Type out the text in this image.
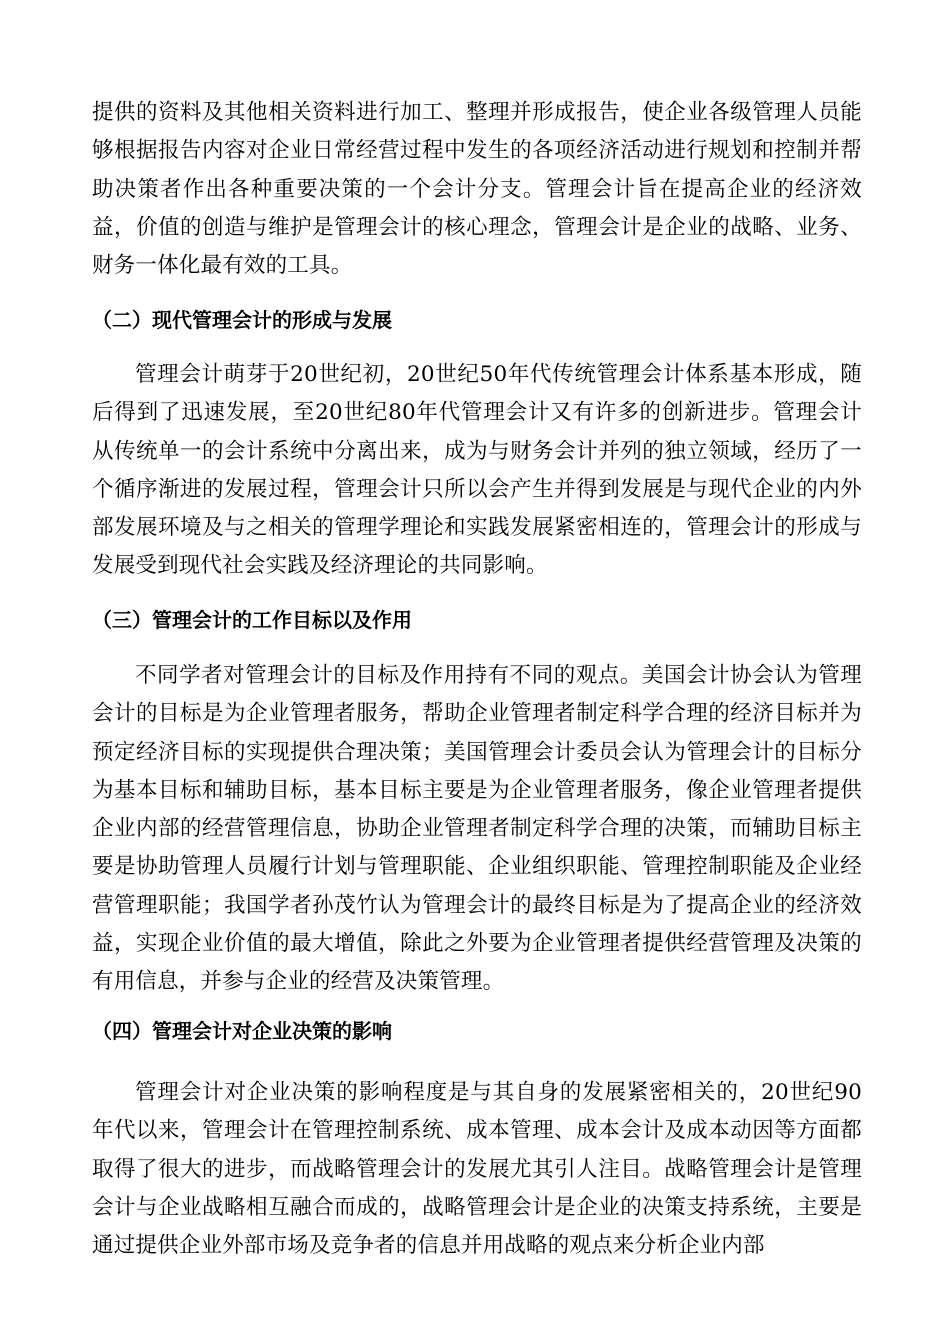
提供的资料及其他相关资料进行加工、整理并形成报告，使企业各级管理人员能够根据报告内容对企业日常经营过程中发生的各项经济活动进行规划和控制并帮助决策者作出各种重要决策的一个会计分支。管理会计旨在提高企业的经济效益，价值的创造与维护是管理会计的核心理念，管理会计是企业的战略、业务、财务一体化最有效的工具。

（二）现代管理会计的形成与发展

管理会计萌芽于20世纪初，20世纪50年代传统管理会计体系基本形成，随后得到了迅速发展，至20世纪80年代管理会计又有许多的创新进步。管理会计从传统单一的会计系统中分离出来，成为与财务会计并列的独立领域，经历了一个循序渐进的发展过程，管理会计只所以会产生并得到发展是与现代企业的内外部发展环境及与之相关的管理学理论和实践发展紧密相连的，管理会计的形成与发展受到现代社会实践及经济理论的共同影响。

（三）管理会计的工作目标以及作用

不同学者对管理会计的目标及作用持有不同的观点。美国会计协会认为管理会计的目标是为企业管理者服务，帮助企业管理者制定科学合理的经济目标并为预定经济目标的实现提供合理决策；美国管理会计委员会认为管理会计的目标分为基本目标和辅助目标，基本目标主要是为企业管理者服务，像企业管理者提供企业内部的经营管理信息，协助企业管理者制定科学合理的决策，而辅助目标主要是协助管理人员履行计划与管理职能、企业组织职能、管理控制职能及企业经营管理职能；我国学者孙茂竹认为管理会计的最终目标是为了提高企业的经济效益，实现企业价值的最大增值，除此之外要为企业管理者提供经营管理及决策的有用信息，并参与企业的经营及决策管理。

（四）管理会计对企业决策的影响

管理会计对企业决策的影响程度是与其自身的发展紧密相关的，20世纪90年代以来，管理会计在管理控制系统、成本管理、成本会计及成本动因等方面都取得了很大的进步，而战略管理会计的发展尤其引人注目。战略管理会计是管理会计与企业战略相互融合而成的，战略管理会计是企业的决策支持系统，主要是通过提供企业外部市场及竞争者的信息并用战略的观点来分析企业内部
